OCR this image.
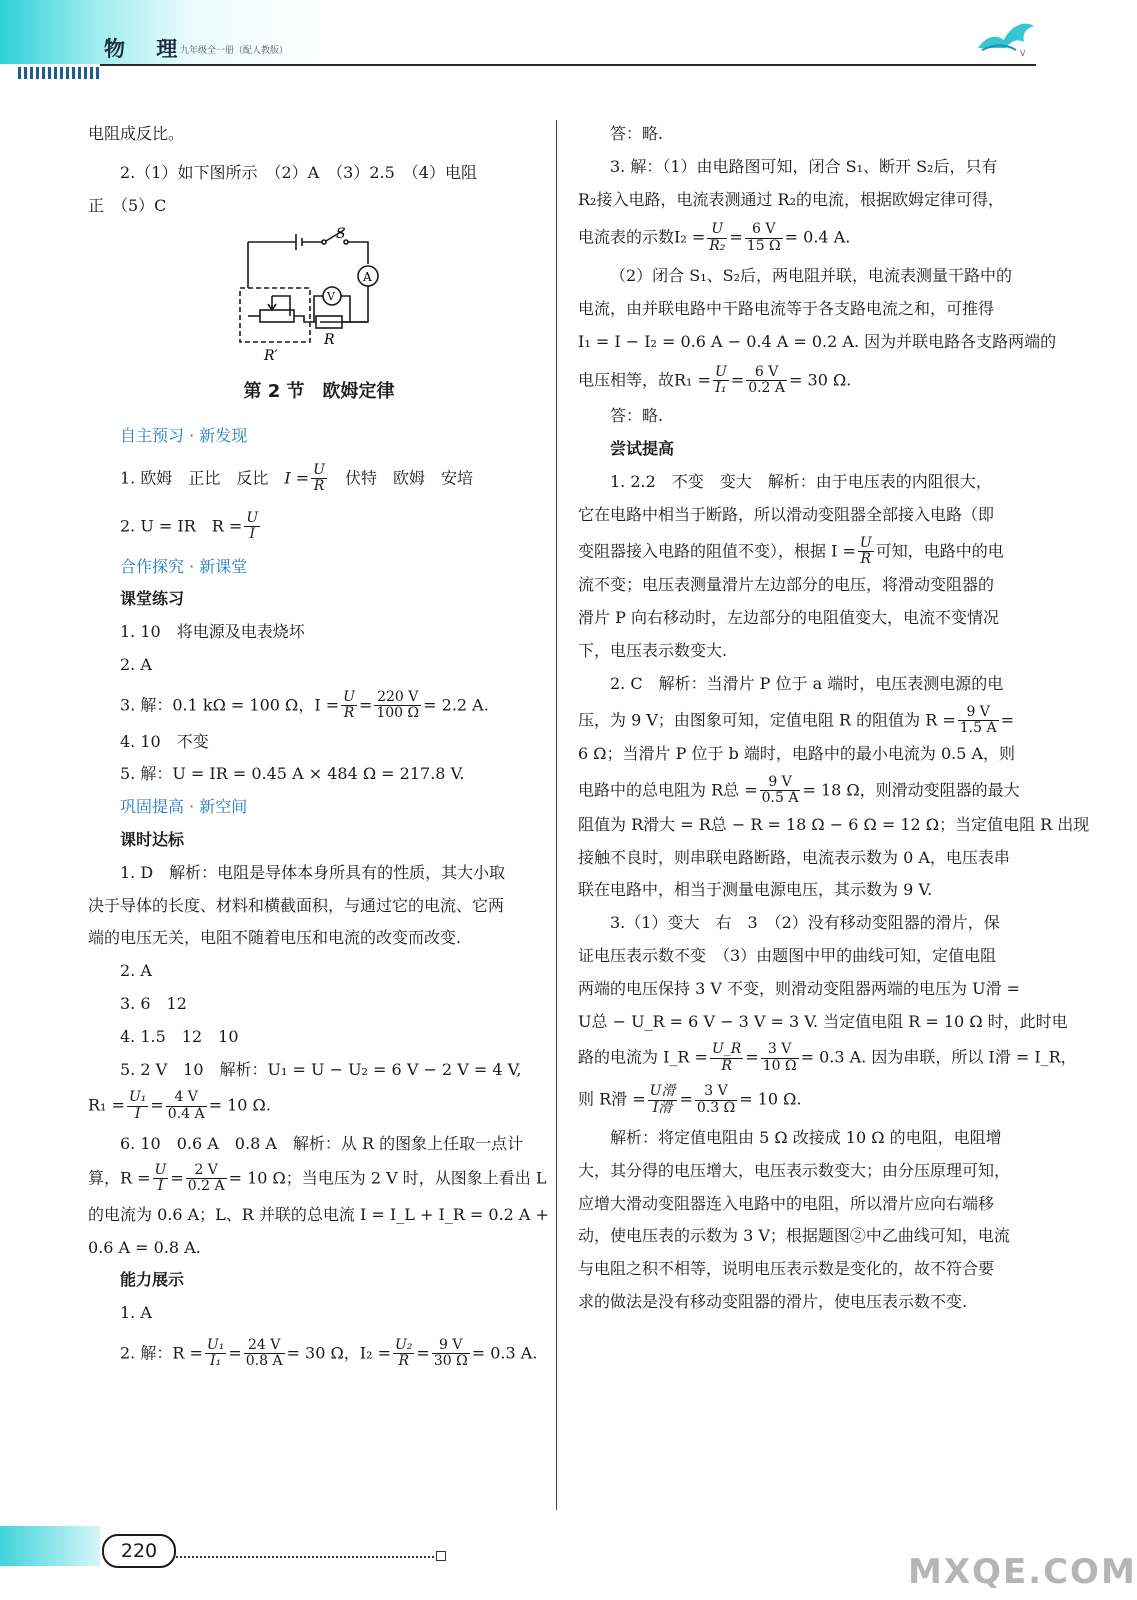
物 理
九年级全一册（配人教版）	V
电阻成反比。
2.（1）如下图所示　（2）A　（3）2.5　（4）电阻
正　（5）C
S
A
V
R
R′
第 2 节　欧姆定律
自主预习 · 新发现
1. 欧姆　正比　反比　$I = \frac{U}{R}$ 　伏特　欧姆　安培
2. U = IR　$R = \frac{U}{I}$
合作探究 · 新课堂
课堂练习
1. 10　将电源及电表烧坏
2. A
3. 解：0.1 kΩ = 100 Ω，$I = \frac{U}{R} = \frac{220 V}{100 \Omega} = 2.2$ A.
4. 10　不变
5. 解：U = IR = 0.45 A × 484 Ω = 217.8 V.
巩固提高 · 新空间
课时达标
1. D　解析：电阻是导体本身所具有的性质，其大小取
决于导体的长度、材料和横截面积，与通过它的电流、它两
端的电压无关，电阻不随着电压和电流的改变而改变.
2. A
3. 6　12
4. 1.5　12　10
5. 2 V　10　解析：U₁ = U − U₂ = 6 V − 2 V = 4 V,
$R_1 = \frac{\text{U₁}}{I} = \frac{4 V}{0.4 A} = 10$ Ω.
6. 10　0.6 A　0.8 A　解析：从 R 的图象上任取一点计
算，$R = \frac{U}{I} = \frac{2 V}{0.2 A} = 10$ Ω；当电压为 2 V 时，从图象上看出 L
的电流为 0.6 A；L、R 并联的总电流 I = I_L + I_R = 0.2 A +
0.6 A = 0.8 A.
能力展示
1. A
2. 解：$R = \frac{\text{U₁}}{\text{I₁}} = \frac{24 V}{0.8 A} = 30$ Ω，$I_2 = \frac{\text{U₂}}{R} = \frac{9 V}{30 \Omega} = 0.3$ A.
答：略.
3. 解：（1）由电路图可知，闭合 S₁、断开 S₂后，只有
R₂接入电路，电流表测通过 R₂的电流，根据欧姆定律可得，
电流表的示数$I_2 = \frac{U}{\text{R₂}} = \frac{6 V}{15 \Omega} = 0.4$ A.
（2）闭合 S₁、S₂后，两电阻并联，电流表测量干路中的
电流，由并联电路中干路电流等于各支路电流之和，可推得
I₁ = I − I₂ = 0.6 A − 0.4 A = 0.2 A. 因为并联电路各支路两端的
电压相等，故$R_1 = \frac{U}{\text{I₁}} = \frac{6 V}{0.2 A} = 30$ Ω.
答：略.
尝试提高
1. 2.2　不变　变大　解析：由于电压表的内阻很大，
它在电路中相当于断路，所以滑动变阻器全部接入电路（即
变阻器接入电路的阻值不变），根据 $I = \frac{U}{R}$ 可知，电路中的电
流不变；电压表测量滑片左边部分的电压，将滑动变阻器的
滑片 P 向右移动时，左边部分的电阻值变大，电流不变情况
下，电压表示数变大.
2. C　解析：当滑片 P 位于 a 端时，电压表测电源的电
压，为 9 V；由图象可知，定值电阻 R 的阻值为 $R = \frac{9 V}{1.5 A}$ =
6 Ω；当滑片 P 位于 b 端时，电路中的最小电流为 0.5 A，则
电路中的总电阻为 R总 = $\frac{9 V}{0.5 A} = 18$ Ω，则滑动变阻器的最大
阻值为 R滑大 = R总 − R = 18 Ω − 6 Ω = 12 Ω；当定值电阻 R 出现
接触不良时，则串联电路断路，电流表示数为 0 A，电压表串
联在电路中，相当于测量电源电压，其示数为 9 V.
3.（1）变大　右　3　（2）没有移动变阻器的滑片，保
证电压表示数不变　（3）由题图中甲的曲线可知，定值电阻
两端的电压保持 3 V 不变，则滑动变阻器两端的电压为 U滑 =
U总 − U_R = 6 V − 3 V = 3 V. 当定值电阻 R = 10 Ω 时，此时电
路的电流为 I_R = $\frac{U\_R}{R} = \frac{3 V}{10 \Omega} = 0.3$ A. 因为串联，所以 I滑 = I_R，
则 R滑 = $\frac{\text{U滑}}{\text{I滑}} = \frac{3 V}{0.3 \Omega} = 10$ Ω.
解析：将定值电阻由 5 Ω 改接成 10 Ω 的电阻，电阻增
大，其分得的电压增大，电压表示数变大；由分压原理可知，
应增大滑动变阻器连入电路中的电阻，所以滑片应向右端移
动，使电压表的示数为 3 V；根据题图②中乙曲线可知，电流
与电阻之积不相等，说明电压表示数是变化的，故不符合要
求的做法是没有移动变阻器的滑片，使电压表示数不变.
220
MXQE.COM
